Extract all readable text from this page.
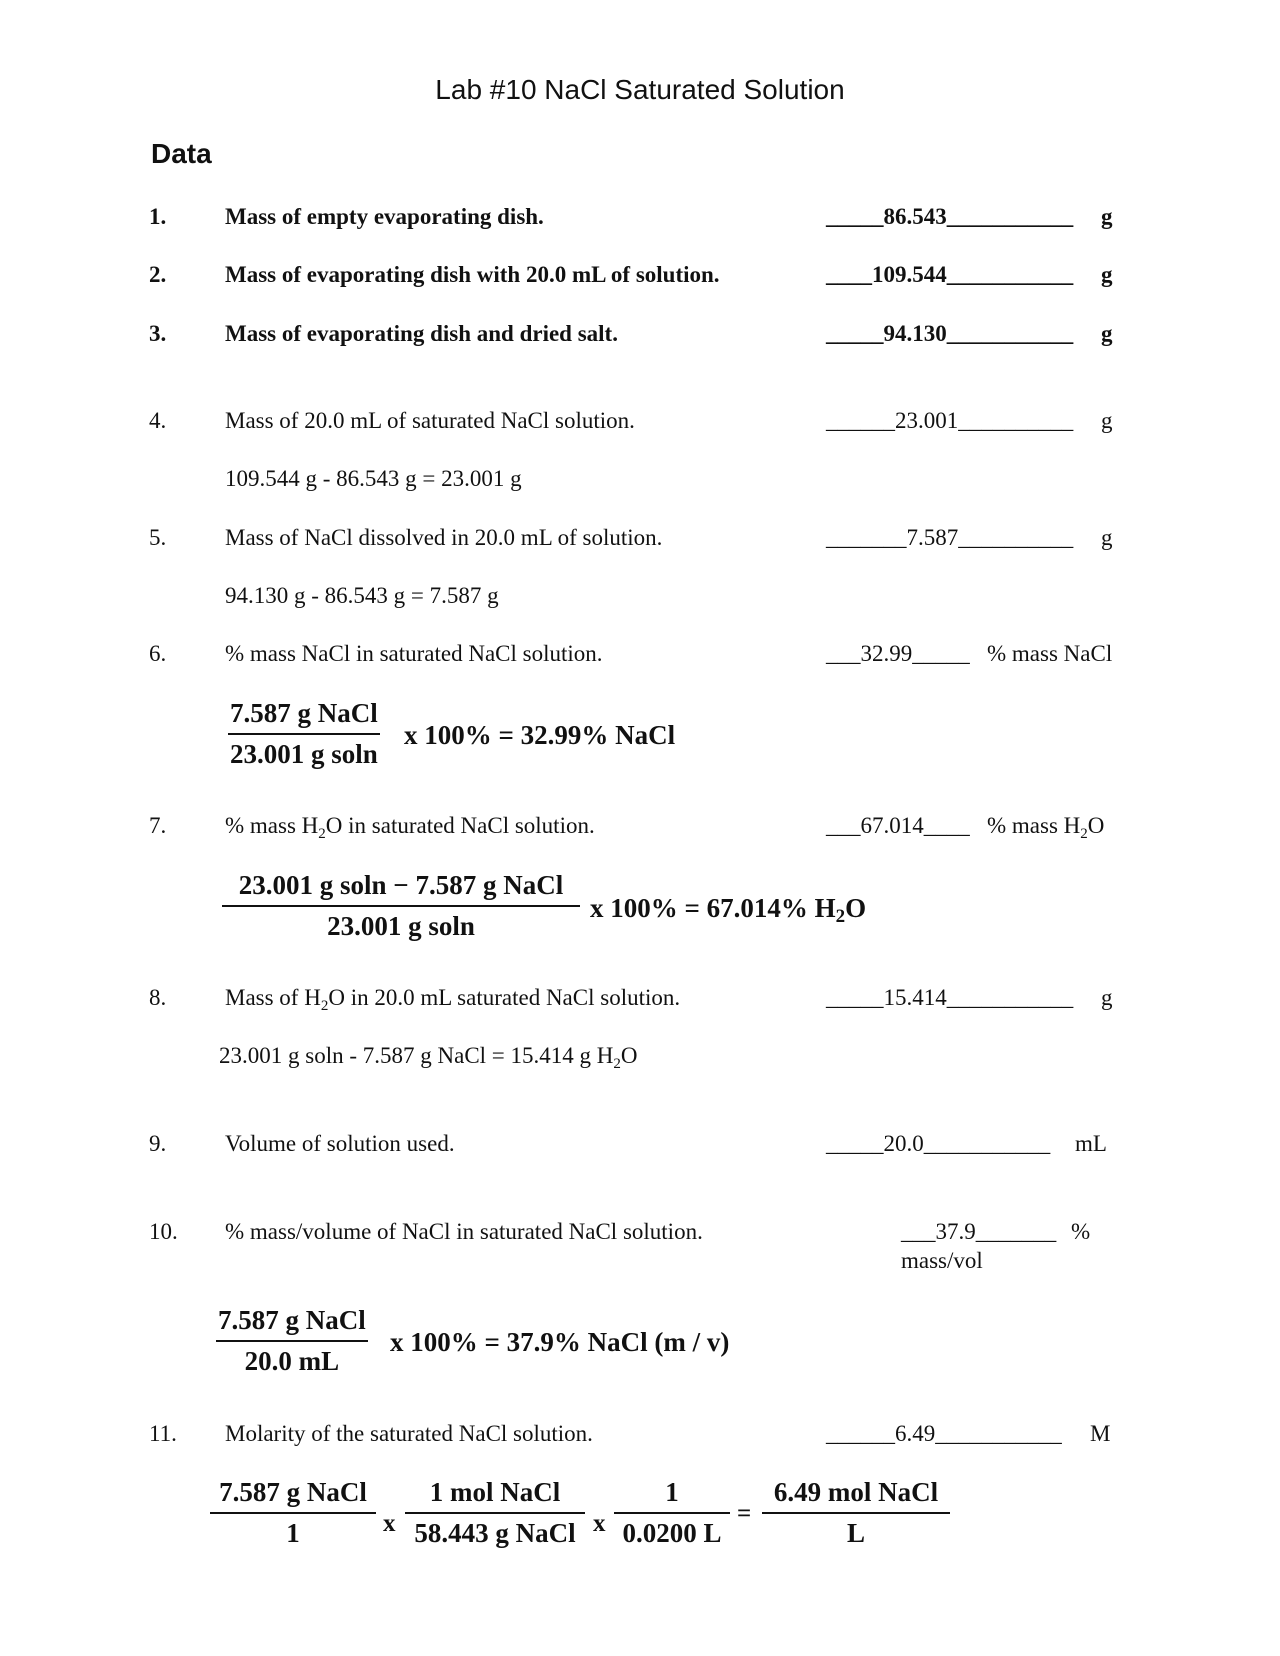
Lab #10 NaCl Saturated Solution
Data
1.	Mass of empty evaporating dish.	_____86.543___________ g
2.	Mass of evaporating dish with 20.0 mL of solution.	____109.544___________ g
3.	Mass of evaporating dish and dried salt.	_____94.130___________ g
4.	Mass of 20.0 mL of saturated NaCl solution.	______23.001__________ g
109.544 g - 86.543 g = 23.001 g
5.	Mass of NaCl dissolved in 20.0 mL of solution.	_______7.587__________ g
94.130 g - 86.543 g = 7.587 g
6.	% mass NaCl in saturated NaCl solution.	___32.99_____ % mass NaCl
7.587 g NaCl
23.001 g soln
x 100% = 32.99% NaCl
7.	% mass $H_2O$ in saturated NaCl solution.	___67.014____ % mass $H_2O$
23.001 g soln − 7.587 g NaCl
23.001 g soln
x 100% = 67.014% $H_2O$
8.	Mass of $H_2O$ in 20.0 mL saturated NaCl solution.	_____15.414___________ g
23.001 g soln - 7.587 g NaCl = 15.414 g $H_2O$
9.	Volume of solution used.	_____20.0___________ mL
10. % mass/volume of NaCl in saturated NaCl solution.	___37.9_______ %
mass/vol
7.587 g NaCl
20.0 mL
x 100% = 37.9% NaCl (m / v)
11. Molarity of the saturated NaCl solution.	______6.49___________ M
7.587 g NaCl
1	x
1 mol NaCl
58.443 g NaCl x $\frac{1}{0.0200 L}$ =
6.49 mol NaCl
L
